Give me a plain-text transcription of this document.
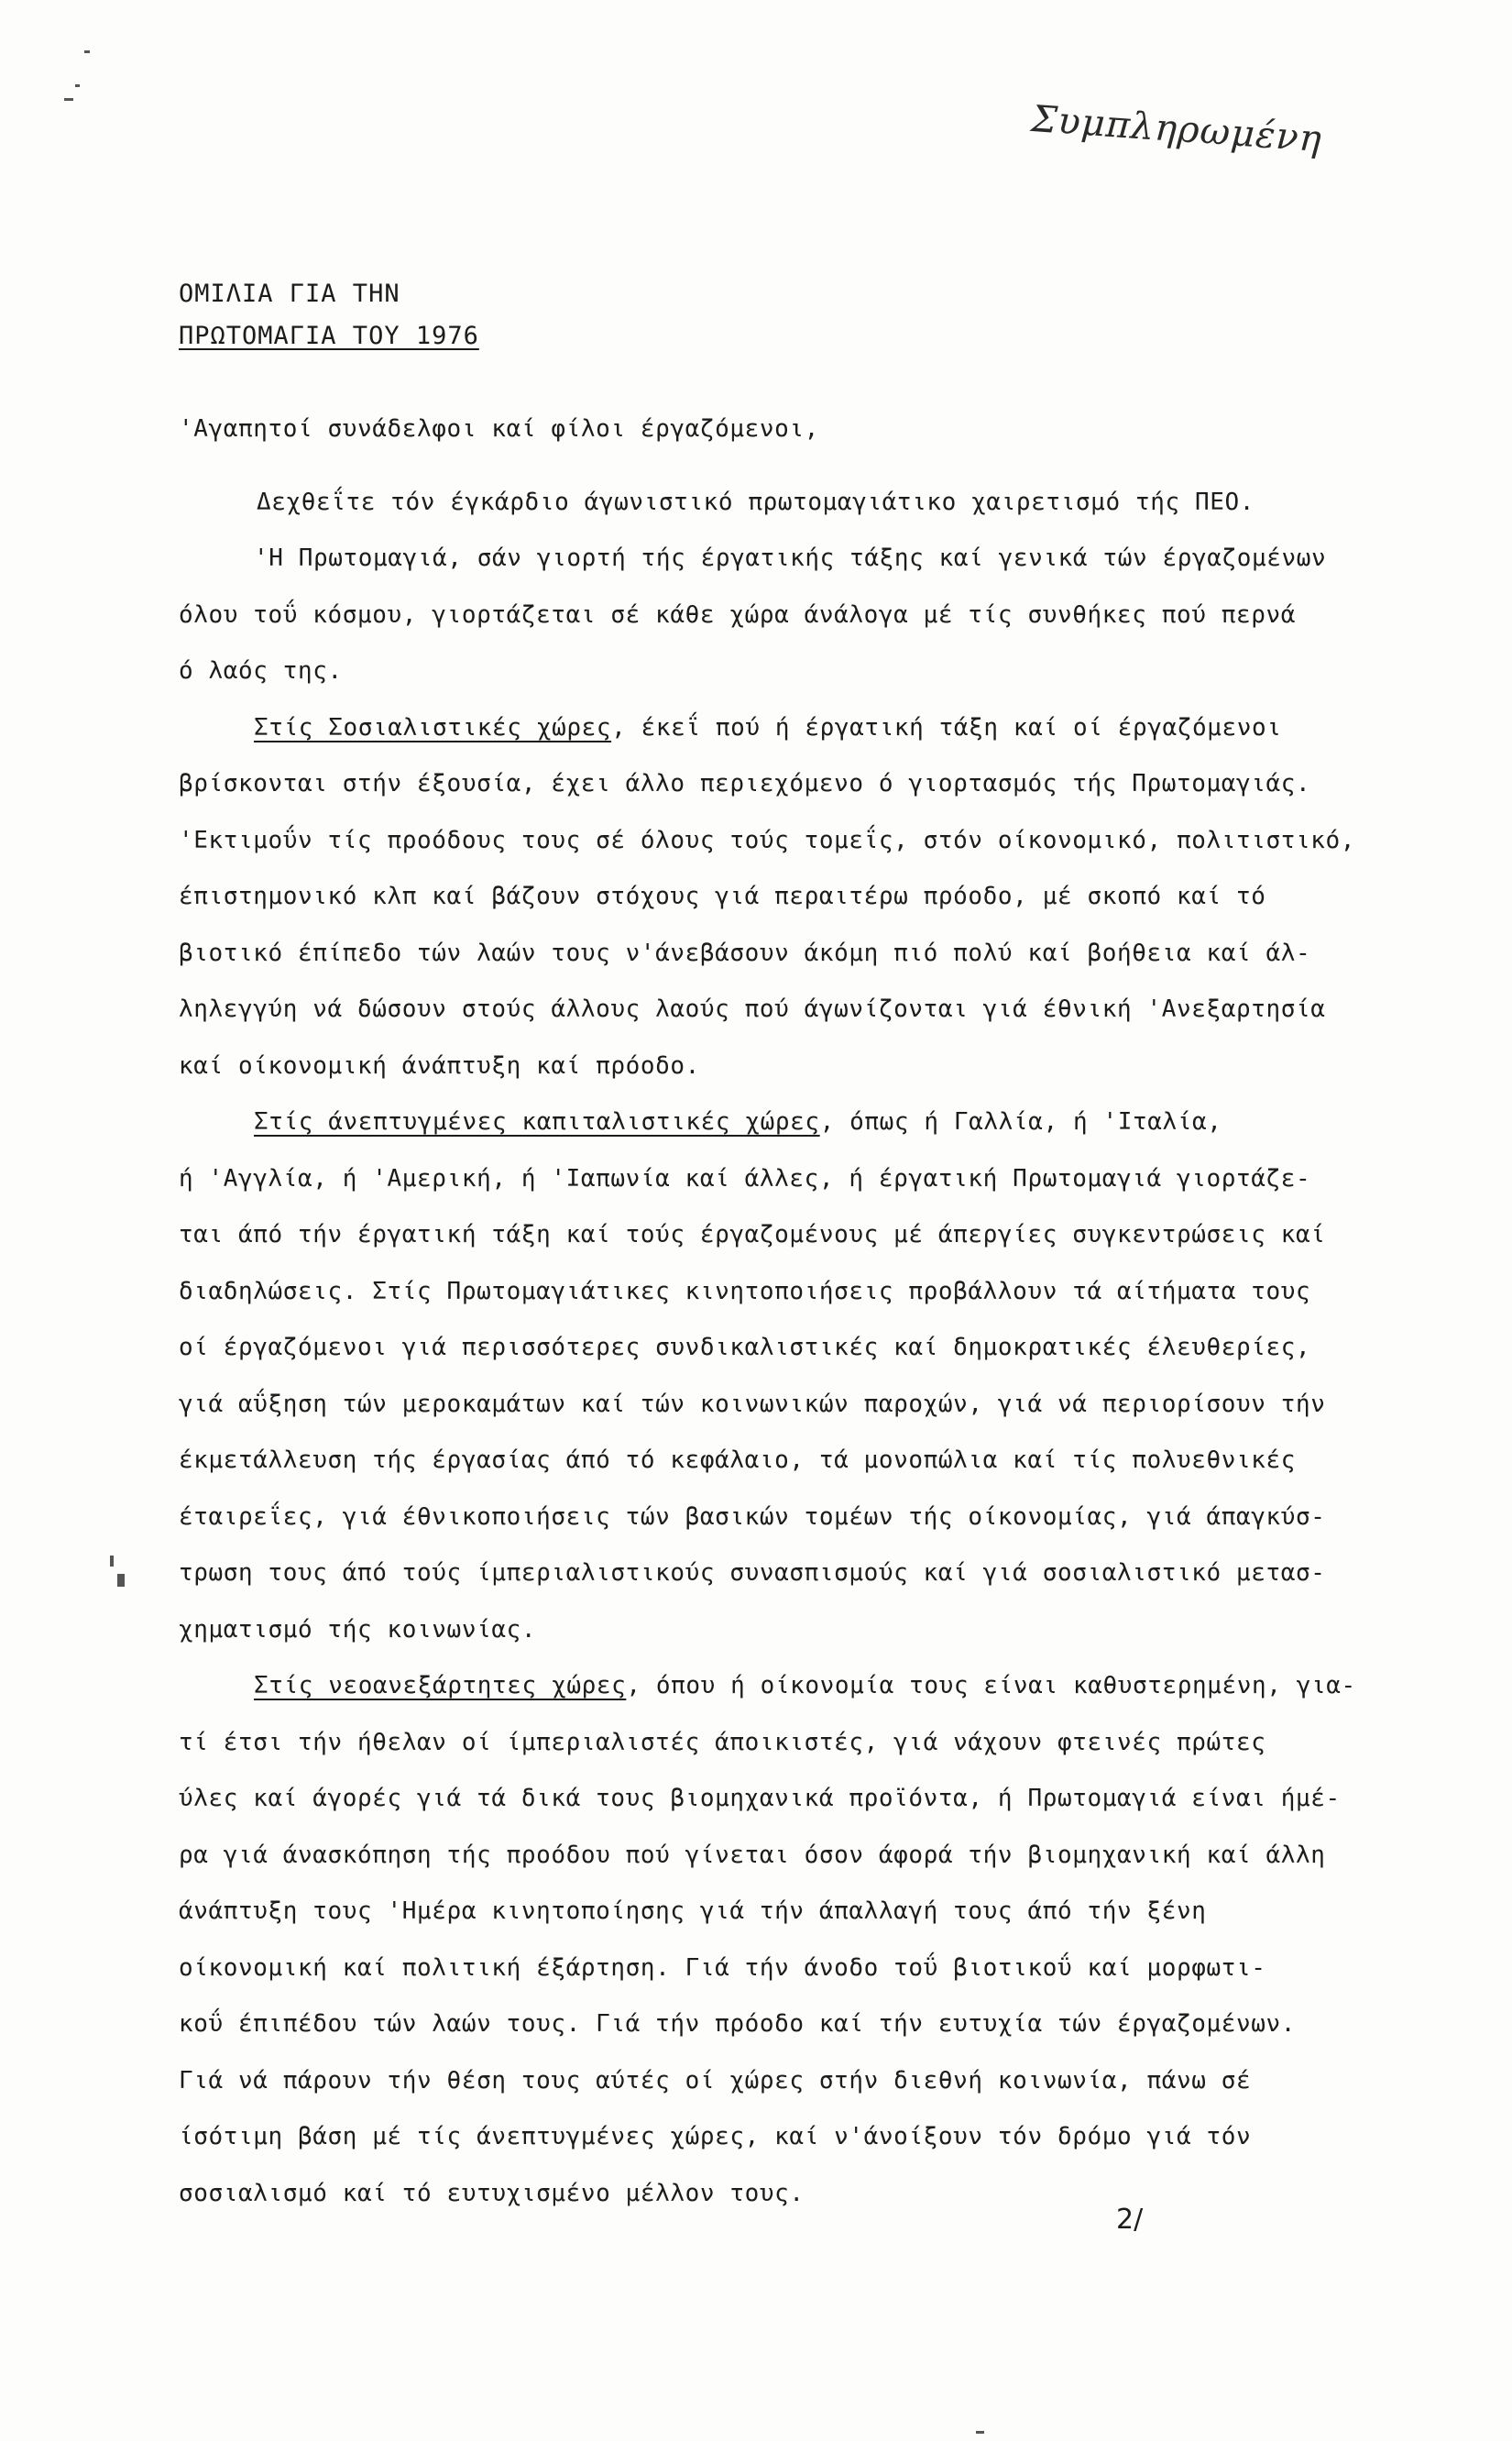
Συμπληρωμένη
ΟΜΙΛΙΑ ΓΙΑ ΤΗΝ
ΠΡΩΤΟΜΑΓΙΑ ΤΟΥ 1976
'Αγαπητοί συνάδελφοι καί φίλοι έργαζόμενοι,
Δεχθεΐτε τόν έγκάρδιο άγωνιστικό πρωτομαγιάτικο χαιρετισμό τής ΠΕΟ.
'Η Πρωτομαγιά, σάν γιορτή τής έργατικής τάξης καί γενικά τών έργαζομένων
όλου τοΰ κόσμου, γιορτάζεται σέ κάθε χώρα άνάλογα μέ τίς συνθήκες πού περνά
ό λαός της.
Στίς Σοσιαλιστικές χώρες, έκεΐ πού ή έργατική τάξη καί οί έργαζόμενοι
βρίσκονται στήν έξουσία, έχει άλλο περιεχόμενο ό γιορτασμός τής Πρωτομαγιάς.
'Εκτιμοΰν τίς προόδους τους σέ όλους τούς τομεΐς, στόν οίκονομικό, πολιτιστικό,
έπιστημονικό κλπ καί βάζουν στόχους γιά περαιτέρω πρόοδο, μέ σκοπό καί τό
βιοτικό έπίπεδο τών λαών τους ν'άνεβάσουν άκόμη πιό πολύ καί βοήθεια καί άλ-
ληλεγγύη νά δώσουν στούς άλλους λαούς πού άγωνίζονται γιά έθνική 'Ανεξαρτησία
καί οίκονομική άνάπτυξη καί πρόοδο.
Στίς άνεπτυγμένες καπιταλιστικές χώρες, όπως ή Γαλλία, ή 'Ιταλία,
ή 'Αγγλία, ή 'Αμερική, ή 'Ιαπωνία καί άλλες, ή έργατική Πρωτομαγιά γιορτάζε-
ται άπό τήν έργατική τάξη καί τούς έργαζομένους μέ άπεργίες συγκεντρώσεις καί
διαδηλώσεις. Στίς Πρωτομαγιάτικες κινητοποιήσεις προβάλλουν τά αίτήματα τους
οί έργαζόμενοι γιά περισσότερες συνδικαλιστικές καί δημοκρατικές έλευθερίες,
γιά αΰξηση τών μεροκαμάτων καί τών κοινωνικών παροχών, γιά νά περιορίσουν τήν
έκμετάλλευση τής έργασίας άπό τό κεφάλαιο, τά μονοπώλια καί τίς πολυεθνικές
έταιρεΐες, γιά έθνικοποιήσεις τών βασικών τομέων τής οίκονομίας, γιά άπαγκύσ-
τρωση τους άπό τούς ίμπεριαλιστικούς συνασπισμούς καί γιά σοσιαλιστικό μετασ-
χηματισμό τής κοινωνίας.
Στίς νεοανεξάρτητες χώρες, όπου ή οίκονομία τους είναι καθυστερημένη, για-
τί έτσι τήν ήθελαν οί ίμπεριαλιστές άποικιστές, γιά νάχουν φτεινές πρώτες
ύλες καί άγορές γιά τά δικά τους βιομηχανικά προϊόντα, ή Πρωτομαγιά είναι ήμέ-
ρα γιά άνασκόπηση τής προόδου πού γίνεται όσον άφορά τήν βιομηχανική καί άλλη
άνάπτυξη τους 'Ημέρα κινητοποίησης γιά τήν άπαλλαγή τους άπό τήν ξένη
οίκονομική καί πολιτική έξάρτηση. Γιά τήν άνοδο τοΰ βιοτικοΰ καί μορφωτι-
κοΰ έπιπέδου τών λαών τους. Γιά τήν πρόοδο καί τήν ευτυχία τών έργαζομένων.
Γιά νά πάρουν τήν θέση τους αύτές οί χώρες στήν διεθνή κοινωνία, πάνω σέ
ίσότιμη βάση μέ τίς άνεπτυγμένες χώρες, καί ν'άνοίξουν τόν δρόμο γιά τόν
σοσιαλισμό καί τό ευτυχισμένο μέλλον τους.
2/
